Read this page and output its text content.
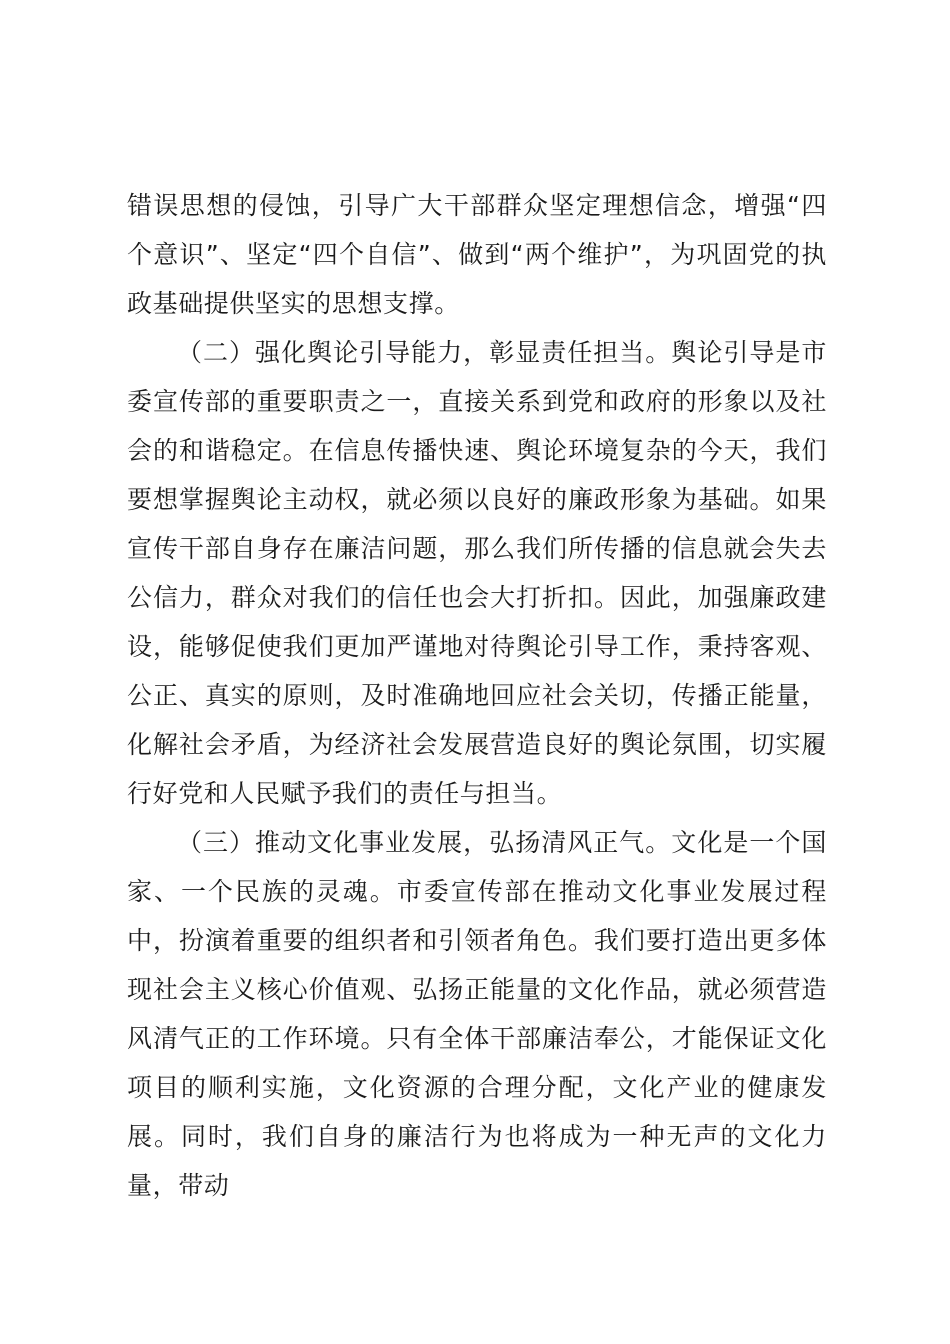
错误思想的侵蚀，引导广大干部群众坚定理想信念，增强“四个意识”、坚定“四个自信”、做到“两个维护”，为巩固党的执政基础提供坚实的思想支撑。

（二）强化舆论引导能力，彰显责任担当。舆论引导是市委宣传部的重要职责之一，直接关系到党和政府的形象以及社会的和谐稳定。在信息传播快速、舆论环境复杂的今天，我们要想掌握舆论主动权，就必须以良好的廉政形象为基础。如果宣传干部自身存在廉洁问题，那么我们所传播的信息就会失去公信力，群众对我们的信任也会大打折扣。因此，加强廉政建设，能够促使我们更加严谨地对待舆论引导工作，秉持客观、公正、真实的原则，及时准确地回应社会关切，传播正能量，化解社会矛盾，为经济社会发展营造良好的舆论氛围，切实履行好党和人民赋予我们的责任与担当。

（三）推动文化事业发展，弘扬清风正气。文化是一个国家、一个民族的灵魂。市委宣传部在推动文化事业发展过程中，扮演着重要的组织者和引领者角色。我们要打造出更多体现社会主义核心价值观、弘扬正能量的文化作品，就必须营造风清气正的工作环境。只有全体干部廉洁奉公，才能保证文化项目的顺利实施，文化资源的合理分配，文化产业的健康发展。同时，我们自身的廉洁行为也将成为一种无声的文化力量，带动
